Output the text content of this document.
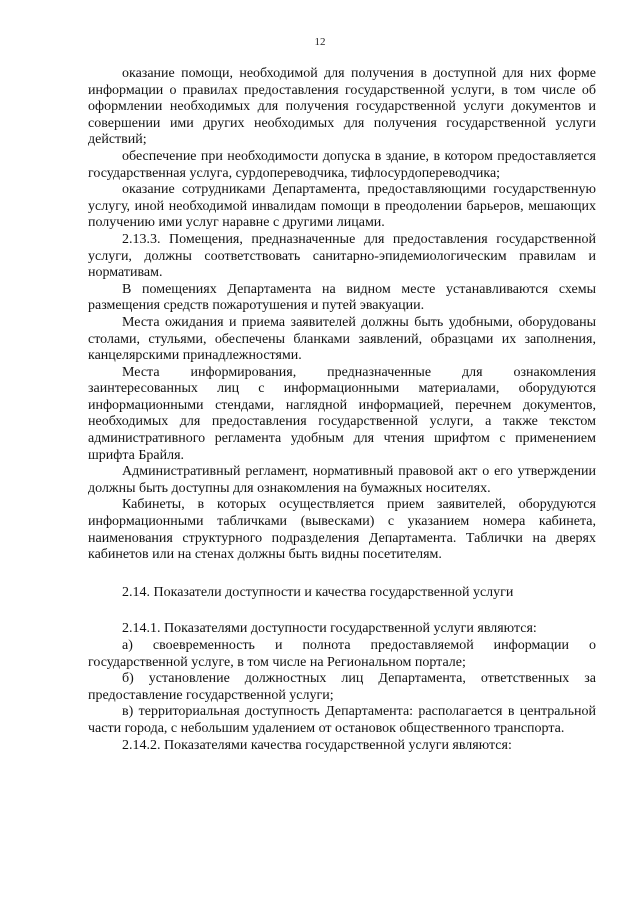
12

оказание помощи, необходимой для получения в доступной для них форме информации о правилах предоставления государственной услуги, в том числе об оформлении необходимых для получения государственной услуги документов и совершении ими других необходимых для получения государственной услуги действий;

обеспечение при необходимости допуска в здание, в котором предоставляется государственная услуга, сурдопереводчика, тифлосурдопереводчика;

оказание сотрудниками Департамента, предоставляющими государственную услугу, иной необходимой инвалидам помощи в преодолении барьеров, мешающих получению ими услуг наравне с другими лицами.

2.13.3. Помещения, предназначенные для предоставления государственной услуги, должны соответствовать санитарно-эпидемиологическим правилам и нормативам.

В помещениях Департамента на видном месте устанавливаются схемы размещения средств пожаротушения и путей эвакуации.

Места ожидания и приема заявителей должны быть удобными, оборудованы столами, стульями, обеспечены бланками заявлений, образцами их заполнения, канцелярскими принадлежностями.

Места информирования, предназначенные для ознакомления заинтересованных лиц с информационными материалами, оборудуются информационными стендами, наглядной информацией, перечнем документов, необходимых для предоставления государственной услуги, а также текстом административного регламента удобным для чтения шрифтом с применением шрифта Брайля.

Административный регламент, нормативный правовой акт о его утверждении должны быть доступны для ознакомления на бумажных носителях.

Кабинеты, в которых осуществляется прием заявителей, оборудуются информационными табличками (вывесками) с указанием номера кабинета, наименования структурного подразделения Департамента. Таблички на дверях кабинетов или на стенах должны быть видны посетителям.

2.14. Показатели доступности и качества государственной услуги

2.14.1. Показателями доступности государственной услуги являются:

а) своевременность и полнота предоставляемой информации о государственной услуге, в том числе на Региональном портале;

б) установление должностных лиц Департамента, ответственных за предоставление государственной услуги;

в) территориальная доступность Департамента: располагается в центральной части города, с небольшим удалением от остановок общественного транспорта.

2.14.2. Показателями качества государственной услуги являются:
